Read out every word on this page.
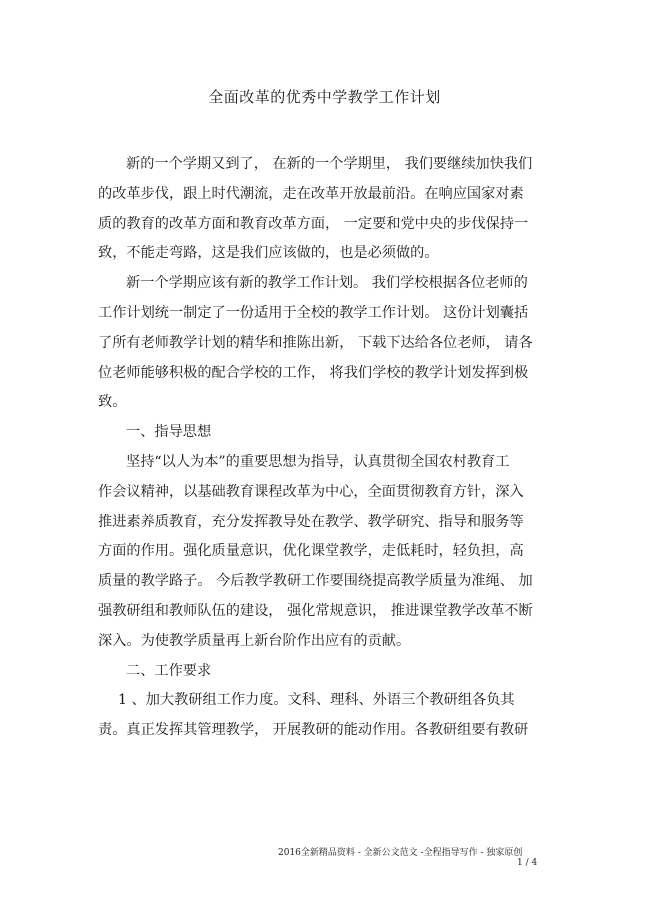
全面改革的优秀中学教学工作计划
新的一个学期又到了， 在新的一个学期里， 我们要继续加快我们
的改革步伐，跟上时代潮流，走在改革开放最前沿。在响应国家对素
质的教育的改革方面和教育改革方面， 一定要和党中央的步伐保持一
致，不能走弯路，这是我们应该做的，也是必须做的。
新一个学期应该有新的教学工作计划。 我们学校根据各位老师的
工作计划统一制定了一份适用于全校的教学工作计划。 这份计划囊括
了所有老师教学计划的精华和推陈出新， 下载下达给各位老师， 请各
位老师能够积极的配合学校的工作， 将我们学校的教学计划发挥到极
致。
一、指导思想
坚持“以人为本”的重要思想为指导，认真贯彻全国农村教育工
作会议精神，以基础教育课程改革为中心，全面贯彻教育方针，深入
推进素养质教育，充分发挥教导处在教学、教学研究、指导和服务等
方面的作用。强化质量意识，优化课堂教学，走低耗时，轻负担，高
质量的教学路子。 今后教学教研工作要围绕提高教学质量为准绳、 加
强教研组和教师队伍的建设， 强化常规意识， 推进课堂教学改革不断
深入。为使教学质量再上新台阶作出应有的贡献。
二、工作要求
1 、加大教研组工作力度。文科、理科、外语三个教研组各负其
责。真正发挥其管理教学， 开展教研的能动作用。各教研组要有教研
2016全新精品资料 - 全新公文范文 -全程指导写作 - 独家原创
1 / 4
